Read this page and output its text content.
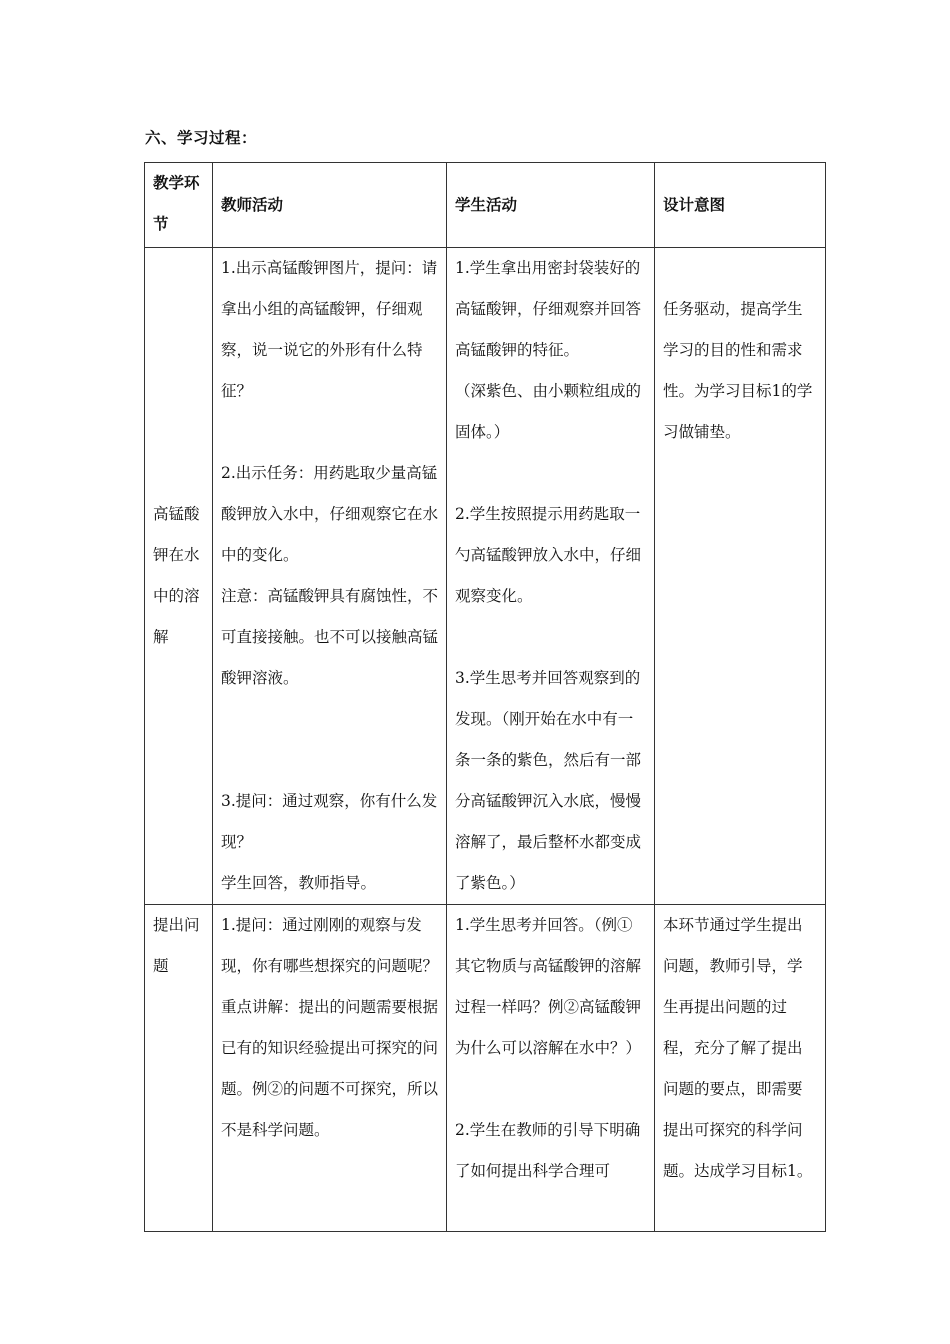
六、学习过程：
教学环节	教师活动	学生活动	设计意图
高锰酸钾在水中的溶解	1.出示高锰酸钾图片，提问：请拿出小组的高锰酸钾，仔细观察，说一说它的外形有什么特征？
2.出示任务：用药匙取少量高锰酸钾放入水中，仔细观察它在水中的变化。
注意：高锰酸钾具有腐蚀性，不可直接接触。也不可以接触高锰酸钾溶液。
3.提问：通过观察，你有什么发现？
学生回答，教师指导。	1.学生拿出用密封袋装好的高锰酸钾，仔细观察并回答高锰酸钾的特征。
（深紫色、由小颗粒组成的固体。）
2.学生按照提示用药匙取一勺高锰酸钾放入水中，仔细观察变化。
3.学生思考并回答观察到的发现。（刚开始在水中有一条一条的紫色，然后有一部分高锰酸钾沉入水底，慢慢溶解了，最后整杯水都变成了紫色。）	任务驱动，提高学生学习的目的性和需求性。为学习目标1的学习做铺垫。

提出问题	1.提问：通过刚刚的观察与发现，你有哪些想探究的问题呢？
重点讲解：提出的问题需要根据已有的知识经验提出可探究的问题。例②的问题不可探究，所以不是科学问题。	1.学生思考并回答。（例①其它物质与高锰酸钾的溶解过程一样吗？例②高锰酸钾为什么可以溶解在水中？）
2.学生在教师的引导下明确了如何提出科学合理可	本环节通过学生提出问题，教师引导，学生再提出问题的过程，充分了解了提出问题的要点，即需要提出可探究的科学问题。达成学习目标1。
